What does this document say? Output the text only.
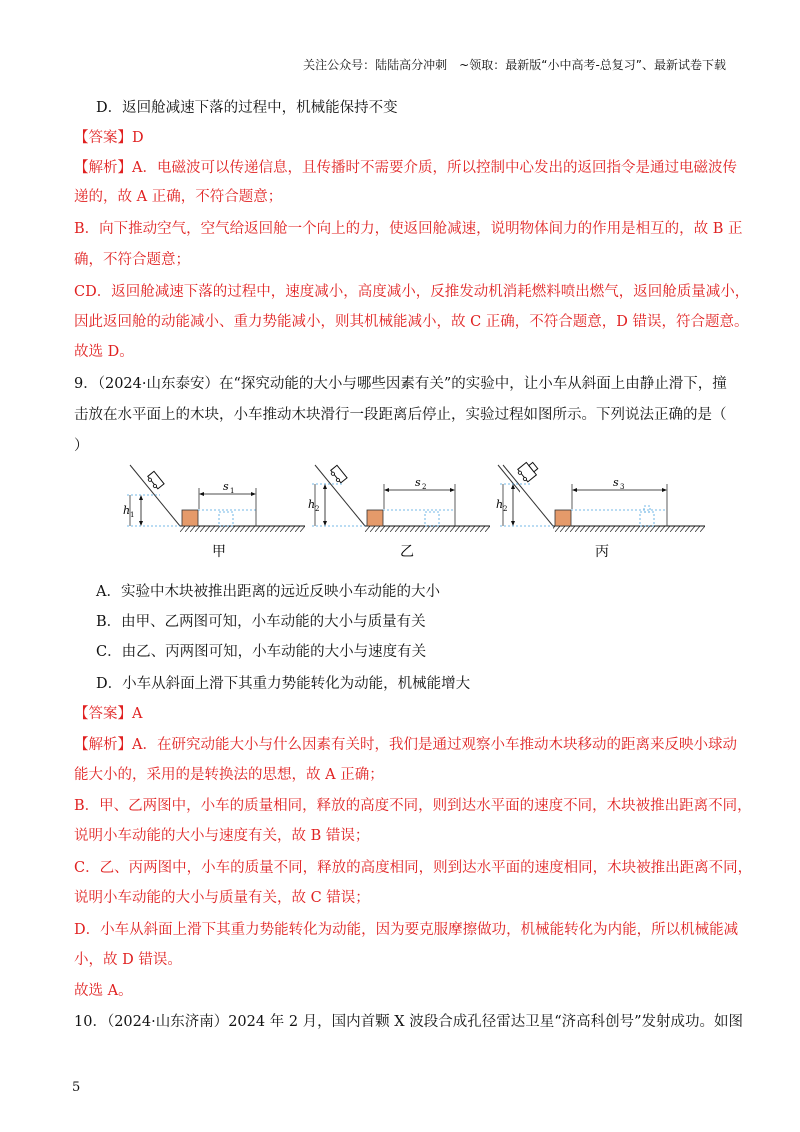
关注公众号：陆陆高分冲刺　~领取：最新版“小中高考-总复习”、最新试卷下载
D．返回舱减速下落的过程中，机械能保持不变
【答案】D
【解析】A．电磁波可以传递信息，且传播时不需要介质，所以控制中心发出的返回指令是通过电磁波传
递的，故 A 正确，不符合题意；
B．向下推动空气，空气给返回舱一个向上的力，使返回舱减速，说明物体间力的作用是相互的，故 B 正
确，不符合题意；
CD．返回舱减速下落的过程中，速度减小，高度减小，反推发动机消耗燃料喷出燃气，返回舱质量减小，
因此返回舱的动能减小、重力势能减小，则其机械能减小，故 C 正确，不符合题意，D 错误，符合题意。
故选 D。
9．（2024·山东泰安）在“探究动能的大小与哪些因素有关”的实验中，让小车从斜面上由静止滑下，撞
击放在水平面上的木块，小车推动木块滑行一段距离后停止，实验过程如图所示。下列说法正确的是（
）
h 1
s 1
甲
h 2
s 2
乙
h 2
s 3
丙
A．实验中木块被推出距离的远近反映小车动能的大小
B．由甲、乙两图可知，小车动能的大小与质量有关
C．由乙、丙两图可知，小车动能的大小与速度有关
D．小车从斜面上滑下其重力势能转化为动能，机械能增大
【答案】A
【解析】A．在研究动能大小与什么因素有关时，我们是通过观察小车推动木块移动的距离来反映小球动
能大小的，采用的是转换法的思想，故 A 正确；
B．甲、乙两图中，小车的质量相同，释放的高度不同，则到达水平面的速度不同，木块被推出距离不同，
说明小车动能的大小与速度有关，故 B 错误；
C．乙、丙两图中，小车的质量不同，释放的高度相同，则到达水平面的速度相同，木块被推出距离不同，
说明小车动能的大小与质量有关，故 C 错误；
D．小车从斜面上滑下其重力势能转化为动能，因为要克服摩擦做功，机械能转化为内能，所以机械能减
小，故 D 错误。
故选 A。
10．（2024·山东济南）2024 年 2 月，国内首颗 X 波段合成孔径雷达卫星“济高科创号”发射成功。如图
5
